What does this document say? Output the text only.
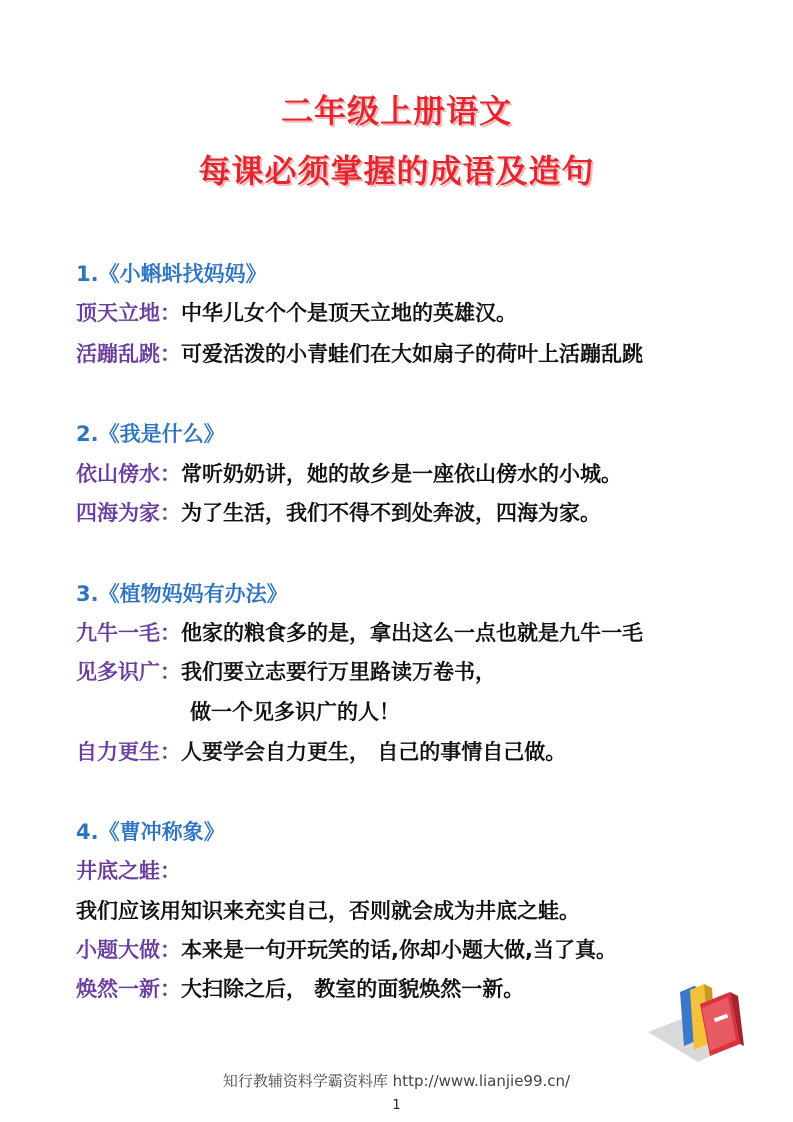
二年级上册语文
每课必须掌握的成语及造句
1.《小蝌蚪找妈妈》
顶天立地：中华儿女个个是顶天立地的英雄汉。
活蹦乱跳：可爱活泼的小青蛙们在大如扇子的荷叶上活蹦乱跳
2.《我是什么》
依山傍水：常听奶奶讲，她的故乡是一座依山傍水的小城。
四海为家：为了生活，我们不得不到处奔波，四海为家。
3.《植物妈妈有办法》
九牛一毛：他家的粮食多的是，拿出这么一点也就是九牛一毛
见多识广：我们要立志要行万里路读万卷书，
做一个见多识广的人！
自力更生：人要学会自力更生， 自己的事情自己做。
4.《曹冲称象》
井底之蛙：
我们应该用知识来充实自己，否则就会成为井底之蛙。
小题大做：本来是一句开玩笑的话,你却小题大做,当了真。
焕然一新：大扫除之后， 教室的面貌焕然一新。
知行教辅资料学霸资料库 http://www.lianjie99.cn/
1
